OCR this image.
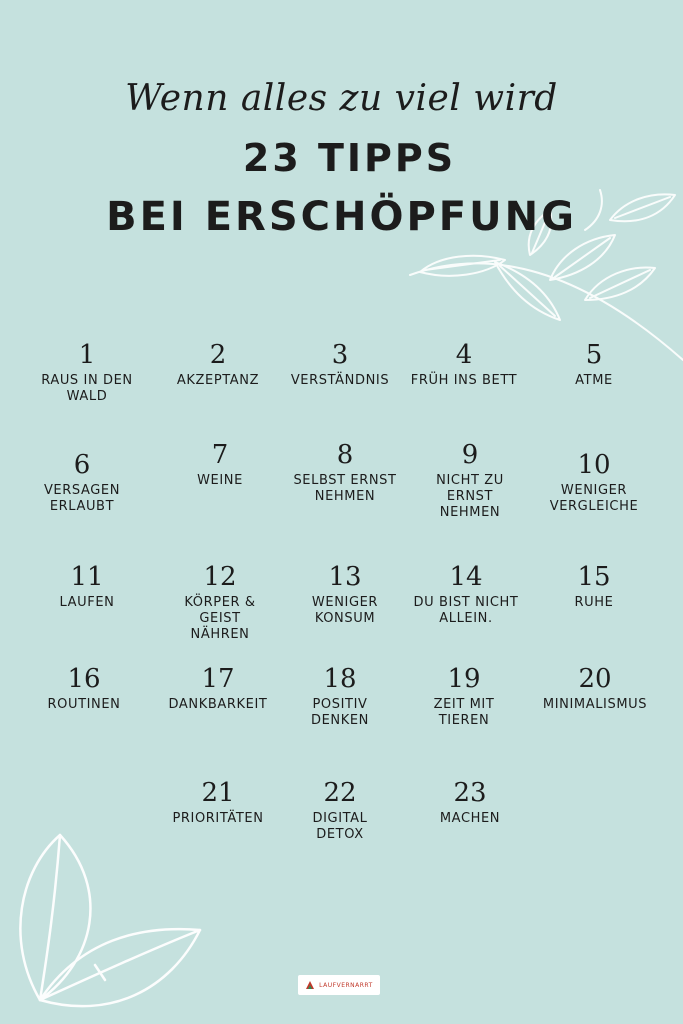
Wenn alles zu viel wird
23 TIPPS
BEI ERSCHÖPFUNG
1
RAUS IN DEN
WALD
2
AKZEPTANZ
3
VERSTÄNDNIS
4
FRÜH INS BETT
5
ATME
6
VERSAGEN
ERLAUBT
7
WEINE
8
SELBST ERNST
NEHMEN
9
NICHT ZU
ERNST
NEHMEN
10
WENIGER
VERGLEICHE
11
LAUFEN
12
KÖRPER &
GEIST
NÄHREN
13
WENIGER
KONSUM
14
DU BIST NICHT
ALLEIN.
15
RUHE
16
ROUTINEN
17
DANKBARKEIT
18
POSITIV
DENKEN
19
ZEIT MIT
TIEREN
20
MINIMALISMUS
21
PRIORITÄTEN
22
DIGITAL
DETOX
23
MACHEN
LAUFVERNARRT
